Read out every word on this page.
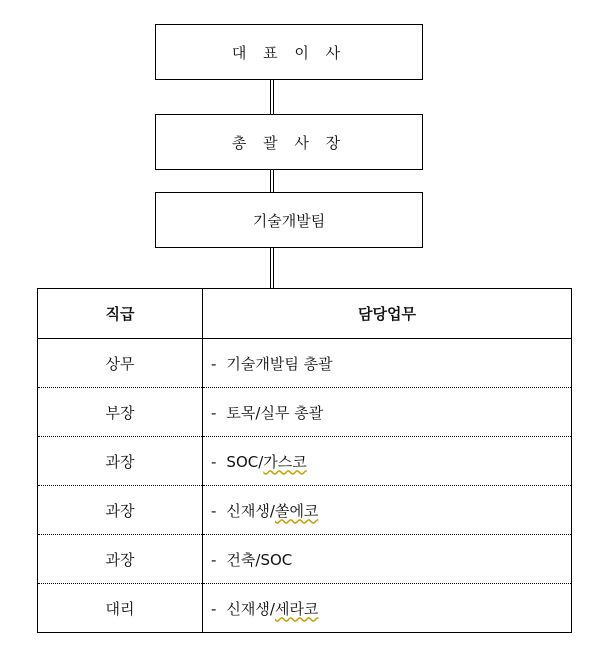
대 표 이 사
총 괄 사 장
기술개발팀
직급	담당업무
상무	- 기술개발팀 총괄
부장	- 토목/실무 총괄
과장	- SOC/가스코
과장	- 신재생/쏠에코
과장	- 건축/SOC
대리	- 신재생/세라코
